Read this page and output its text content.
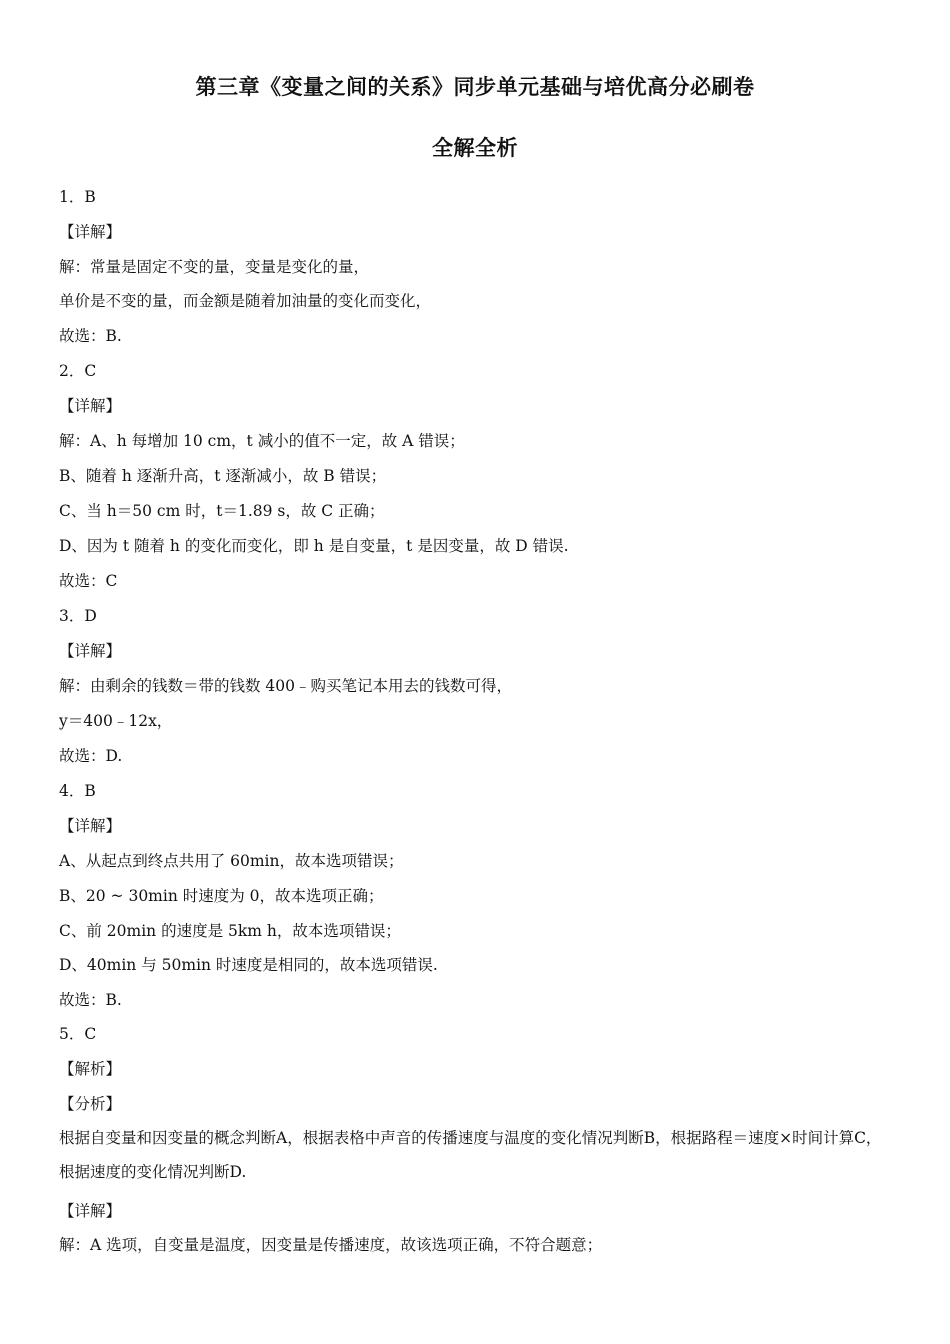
第三章《变量之间的关系》同步单元基础与培优高分必刷卷
全解全析
1．B
【详解】
解：常量是固定不变的量，变量是变化的量，
单价是不变的量，而金额是随着加油量的变化而变化，
故选：B.
2．C
【详解】
解：A、h 每增加 10 cm，t 减小的值不一定，故 A 错误；
B、随着 h 逐渐升高，t 逐渐减小，故 B 错误；
C、当 h＝50 cm 时，t＝1.89 s，故 C 正确；
D、因为 t 随着 h 的变化而变化，即 h 是自变量，t 是因变量，故 D 错误.
故选：C
3．D
【详解】
解：由剩余的钱数＝带的钱数 400﹣购买笔记本用去的钱数可得，
y＝400﹣12x，
故选：D.
4．B
【详解】
A、从起点到终点共用了 60min，故本选项错误；
B、20 ~ 30min 时速度为 0，故本选项正确；
C、前 20min 的速度是 5km h，故本选项错误；
D、40min 与 50min 时速度是相同的，故本选项错误.
故选：B.
5．C
【解析】
【分析】
根据自变量和因变量的概念判断A，根据表格中声音的传播速度与温度的变化情况判断B，根据路程＝速度×时间计算C，根据速度的变化情况判断D.
【详解】
解：A 选项，自变量是温度，因变量是传播速度，故该选项正确，不符合题意；
